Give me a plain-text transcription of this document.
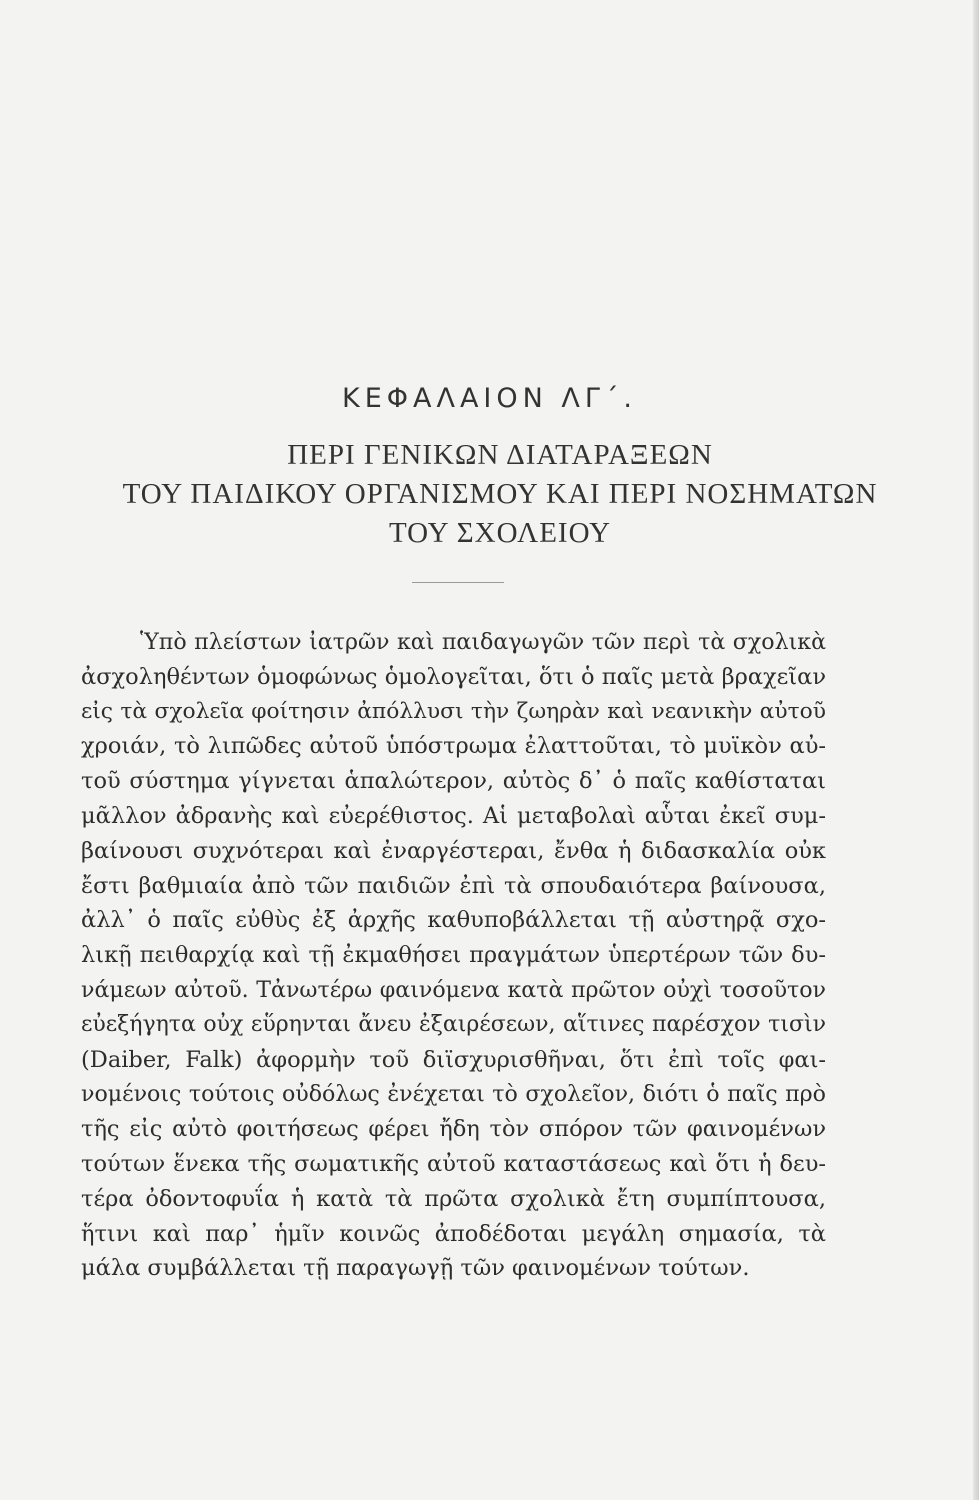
ΚΕΦΑΛΑΙΟΝ ΛΓ΄.
ΠΕΡΙ ΓΕΝΙΚΩΝ ΔΙΑΤΑΡΑΞΕΩΝ
ΤΟΥ ΠΑΙΔΙΚΟΥ ΟΡΓΑΝΙΣΜΟΥ ΚΑΙ ΠΕΡΙ ΝΟΣΗΜΑΤΩΝ
ΤΟΥ ΣΧΟΛΕΙΟΥ
Ὑπὸ πλείστων ἰατρῶν καὶ παιδαγωγῶν τῶν περὶ τὰ σχολικὰ
ἀσχοληθέντων ὁμοφώνως ὁμολογεῖται, ὅτι ὁ παῖς μετὰ βραχεῖαν
εἰς τὰ σχολεῖα φοίτησιν ἀπόλλυσι τὴν ζωηρὰν καὶ νεανικὴν αὐτοῦ
χροιάν, τὸ λιπῶδες αὐτοῦ ὑπόστρωμα ἐλαττοῦται, τὸ μυϊκὸν αὐ-
τοῦ σύστημα γίγνεται ἁπαλώτερον, αὐτὸς δ᾽ ὁ παῖς καθίσταται
μᾶλλον ἀδρανὴς καὶ εὐερέθιστος. Αἱ μεταβολαὶ αὗται ἐκεῖ συμ-
βαίνουσι συχνότεραι καὶ ἐναργέστεραι, ἔνθα ἡ διδασκαλία οὐκ
ἔστι βαθμιαία ἀπὸ τῶν παιδιῶν ἐπὶ τὰ σπουδαιότερα βαίνουσα,
ἀλλ᾽ ὁ παῖς εὐθὺς ἐξ ἀρχῆς καθυποβάλλεται τῇ αὐστηρᾷ σχο-
λικῇ πειθαρχίᾳ καὶ τῇ ἐκμαθήσει πραγμάτων ὑπερτέρων τῶν δυ-
νάμεων αὐτοῦ. Τἀνωτέρω φαινόμενα κατὰ πρῶτον οὐχὶ τοσοῦτον
εὐεξήγητα οὐχ εὕρηνται ἄνευ ἐξαιρέσεων, αἵτινες παρέσχον τισὶν
(Daiber, Falk) ἀφορμὴν τοῦ διϊσχυρισθῆναι, ὅτι ἐπὶ τοῖς φαι-
νομένοις τούτοις οὐδόλως ἐνέχεται τὸ σχολεῖον, διότι ὁ παῖς πρὸ
τῆς εἰς αὐτὸ φοιτήσεως φέρει ἤδη τὸν σπόρον τῶν φαινομένων
τούτων ἕνεκα τῆς σωματικῆς αὐτοῦ καταστάσεως καὶ ὅτι ἡ δευ-
τέρα ὀδοντοφυΐα ἡ κατὰ τὰ πρῶτα σχολικὰ ἔτη συμπίπτουσα,
ἥτινι καὶ παρ᾽ ἡμῖν κοινῶς ἀποδέδοται μεγάλη σημασία, τὰ
μάλα συμβάλλεται τῇ παραγωγῇ τῶν φαινομένων τούτων.
